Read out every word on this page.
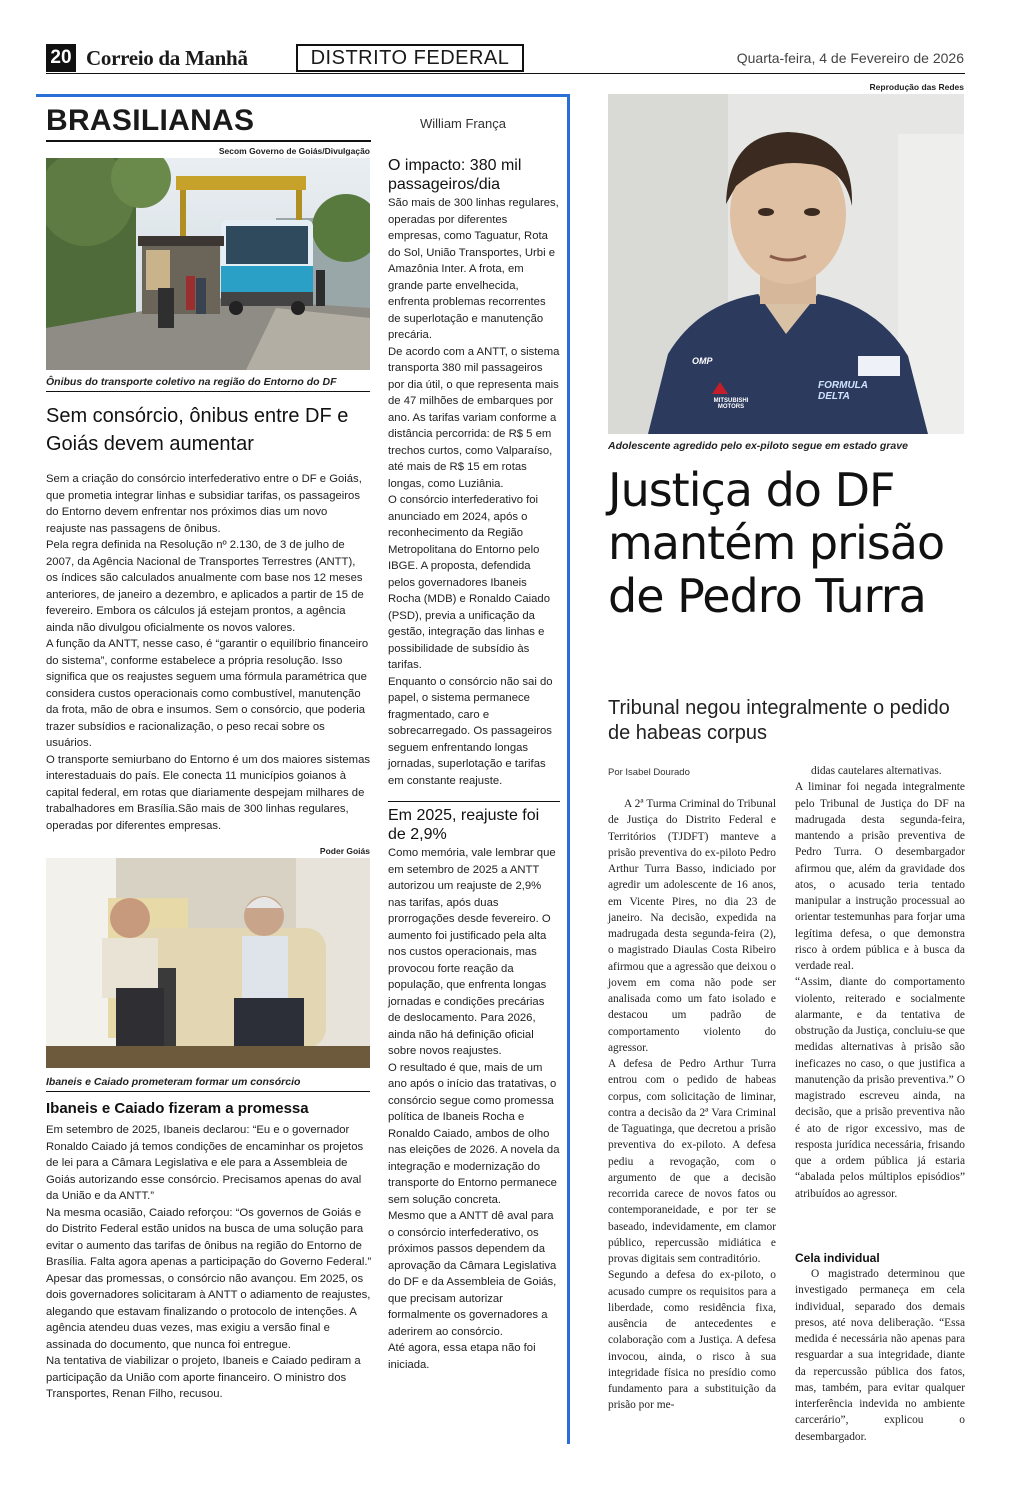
20 Correio da Manhã	DISTRITO FEDERAL	Quarta-feira, 4 de Fevereiro de 2026
BRASILIANAS	William França
Secom Governo de Goiás/Divulgação
Ônibus do transporte coletivo na região do Entorno do DF
Sem consórcio, ônibus entre DF e Goiás devem aumentar
Sem a criação do consórcio interfederativo entre o DF e Goiás, que prometia integrar linhas e subsidiar tarifas, os passageiros do Entorno devem enfrentar nos próximos dias um novo reajuste nas passagens de ônibus.
Pela regra definida na Resolução nº 2.130, de 3 de julho de 2007, da Agência Nacional de Transportes Terrestres (ANTT), os índices são calculados anualmente com base nos 12 meses anteriores, de janeiro a dezembro, e aplicados a partir de 15 de fevereiro. Embora os cálculos já estejam prontos, a agência ainda não divulgou oficialmente os novos valores.
A função da ANTT, nesse caso, é “garantir o equilíbrio financeiro do sistema”, conforme estabelece a própria resolução. Isso significa que os reajustes seguem uma fórmula paramétrica que considera custos operacionais como combustível, manutenção da frota, mão de obra e insumos. Sem o consórcio, que poderia trazer subsídios e racionalização, o peso recai sobre os usuários.
O transporte semiurbano do Entorno é um dos maiores sistemas interestaduais do país. Ele conecta 11 municípios goianos à capital federal, em rotas que diariamente despejam milhares de trabalhadores em Brasília.São mais de 300 linhas regulares, operadas por diferentes empresas.
Poder Goiás
Ibaneis e Caiado prometeram formar um consórcio
Ibaneis e Caiado fizeram a promessa
Em setembro de 2025, Ibaneis declarou: “Eu e o governador Ronaldo Caiado já temos condições de encaminhar os projetos de lei para a Câmara Legislativa e ele para a Assembleia de Goiás autorizando esse consórcio. Precisamos apenas do aval da União e da ANTT.”
Na mesma ocasião, Caiado reforçou: “Os governos de Goiás e do Distrito Federal estão unidos na busca de uma solução para evitar o aumento das tarifas de ônibus na região do Entorno de Brasília. Falta agora apenas a participação do Governo Federal.”
Apesar das promessas, o consórcio não avançou. Em 2025, os dois governadores solicitaram à ANTT o adiamento de reajustes, alegando que estavam finalizando o protocolo de intenções. A agência atendeu duas vezes, mas exigiu a versão final e assinada do documento, que nunca foi entregue.
Na tentativa de viabilizar o projeto, Ibaneis e Caiado pediram a participação da União com aporte financeiro. O ministro dos Transportes, Renan Filho, recusou.
O impacto: 380 mil passageiros/dia
São mais de 300 linhas regulares, operadas por diferentes empresas, como Taguatur, Rota do Sol, União Transportes, Urbi e Amazônia Inter. A frota, em grande parte envelhecida, enfrenta problemas recorrentes de superlotação e manutenção precária.
De acordo com a ANTT, o sistema transporta 380 mil passageiros por dia útil, o que representa mais de 47 milhões de embarques por ano. As tarifas variam conforme a distância percorrida: de R$ 5 em trechos curtos, como Valparaíso, até mais de R$ 15 em rotas longas, como Luziânia.
O consórcio interfederativo foi anunciado em 2024, após o reconhecimento da Região Metropolitana do Entorno pelo IBGE. A proposta, defendida pelos governadores Ibaneis Rocha (MDB) e Ronaldo Caiado (PSD), previa a unificação da gestão, integração das linhas e possibilidade de subsídio às tarifas.
Enquanto o consórcio não sai do papel, o sistema permanece fragmentado, caro e sobrecarregado. Os passageiros seguem enfrentando longas jornadas, superlotação e tarifas em constante reajuste.
Em 2025, reajuste foi de 2,9%
Como memória, vale lembrar que em setembro de 2025 a ANTT autorizou um reajuste de 2,9% nas tarifas, após duas prorrogações desde fevereiro. O aumento foi justificado pela alta nos custos operacionais, mas provocou forte reação da população, que enfrenta longas jornadas e condições precárias de deslocamento. Para 2026, ainda não há definição oficial sobre novos reajustes.
O resultado é que, mais de um ano após o início das tratativas, o consórcio segue como promessa política de Ibaneis Rocha e Ronaldo Caiado, ambos de olho nas eleições de 2026. A novela da integração e modernização do transporte do Entorno permanece sem solução concreta.
Mesmo que a ANTT dê aval para o consórcio interfederativo, os próximos passos dependem da aprovação da Câmara Legislativa do DF e da Assembleia de Goiás, que precisam autorizar formalmente os governadores a aderirem ao consórcio.
Até agora, essa etapa não foi iniciada.
Reprodução das Redes
MITSUBISHI MOTORS
FORMULA DELTA
OMP
Adolescente agredido pelo ex-piloto segue em estado grave
Justiça do DF mantém prisão de Pedro Turra
Tribunal negou integralmente o pedido de habeas corpus
Por Isabel Dourado
A 2ª Turma Criminal do Tribunal de Justiça do Distrito Federal e Territórios (TJDFT) manteve a prisão preventiva do ex-piloto Pedro Arthur Turra Basso, indiciado por agredir um adolescente de 16 anos, em Vicente Pires, no dia 23 de janeiro. Na decisão, expedida na madrugada desta segunda-feira (2), o magistrado Diaulas Costa Ribeiro afirmou que a agressão que deixou o jovem em coma não pode ser analisada como um fato isolado e destacou um padrão de comportamento violento do agressor.
A defesa de Pedro Arthur Turra entrou com o pedido de habeas corpus, com solicitação de liminar, contra a decisão da 2ª Vara Criminal de Taguatinga, que decretou a prisão preventiva do ex-piloto. A defesa pediu a revogação, com o argumento de que a decisão recorrida carece de novos fatos ou contemporaneidade, e por ter se baseado, indevidamente, em clamor público, repercussão midiática e provas digitais sem contraditório.
Segundo a defesa do ex-piloto, o acusado cumpre os requisitos para a liberdade, como residência fixa, ausência de antecedentes e colaboração com a Justiça. A defesa invocou, ainda, o risco à sua integridade física no presídio como fundamento para a substituição da prisão por me-
didas cautelares alternativas.
A liminar foi negada integralmente pelo Tribunal de Justiça do DF na madrugada desta segunda-feira, mantendo a prisão preventiva de Pedro Turra. O desembargador afirmou que, além da gravidade dos atos, o acusado teria tentado manipular a instrução processual ao orientar testemunhas para forjar uma legítima defesa, o que demonstra risco à ordem pública e à busca da verdade real.
“Assim, diante do comportamento violento, reiterado e socialmente alarmante, e da tentativa de obstrução da Justiça, concluiu-se que medidas alternativas à prisão são ineficazes no caso, o que justifica a manutenção da prisão preventiva.” O magistrado escreveu ainda, na decisão, que a prisão preventiva não é ato de rigor excessivo, mas de resposta jurídica necessária, frisando que a ordem pública já estaria “abalada pelos múltiplos episódios” atribuídos ao agressor.
Cela individual
O magistrado determinou que investigado permaneça em cela individual, separado dos demais presos, até nova deliberação. “Essa medida é necessária não apenas para resguardar a sua integridade, diante da repercussão pública dos fatos, mas, também, para evitar qualquer interferência indevida no ambiente carcerário”, explicou o desembargador.
